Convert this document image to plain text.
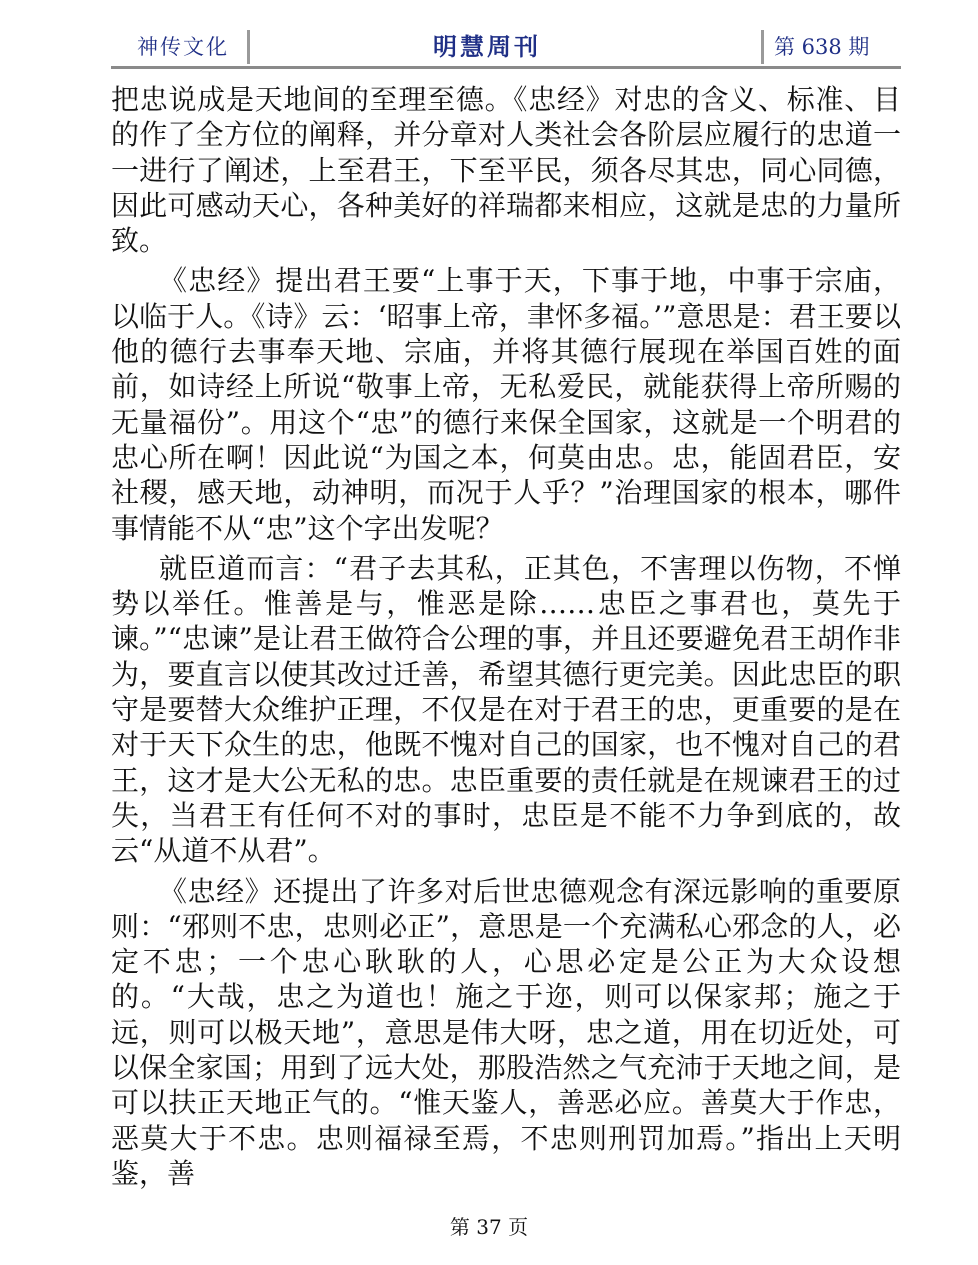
神传文化	明慧周刊	第 638 期

把忠说成是天地间的至理至德。《忠经》对忠的含义、标准、目的作了全方位的阐释，并分章对人类社会各阶层应履行的忠道一一进行了阐述，上至君王，下至平民，须各尽其忠，同心同德，因此可感动天心，各种美好的祥瑞都来相应，这就是忠的力量所致。

《忠经》提出君王要“上事于天，下事于地，中事于宗庙，以临于人。《诗》云：‘昭事上帝，聿怀多福。’”意思是：君王要以他的德行去事奉天地、宗庙，并将其德行展现在举国百姓的面前，如诗经上所说“敬事上帝，无私爱民，就能获得上帝所赐的无量福份”。用这个“忠”的德行来保全国家，这就是一个明君的忠心所在啊！因此说“为国之本，何莫由忠。忠，能固君臣，安社稷，感天地，动神明，而况于人乎？”治理国家的根本，哪件事情能不从“忠”这个字出发呢？

就臣道而言：“君子去其私，正其色，不害理以伤物，不惮势以举任。惟善是与，惟恶是除……忠臣之事君也，莫先于谏。”“忠谏”是让君王做符合公理的事，并且还要避免君王胡作非为，要直言以使其改过迁善，希望其德行更完美。因此忠臣的职守是要替大众维护正理，不仅是在对于君王的忠，更重要的是在对于天下众生的忠，他既不愧对自己的国家，也不愧对自己的君王，这才是大公无私的忠。忠臣重要的责任就是在规谏君王的过失，当君王有任何不对的事时，忠臣是不能不力争到底的，故云“从道不从君”。

《忠经》还提出了许多对后世忠德观念有深远影响的重要原则：“邪则不忠，忠则必正”，意思是一个充满私心邪念的人，必定不忠；一个忠心耿耿的人，心思必定是公正为大众设想的。“大哉，忠之为道也！施之于迩，则可以保家邦；施之于远，则可以极天地”，意思是伟大呀，忠之道，用在切近处，可以保全家国；用到了远大处，那股浩然之气充沛于天地之间，是可以扶正天地正气的。“惟天鉴人，善恶必应。善莫大于作忠，恶莫大于不忠。忠则福禄至焉，不忠则刑罚加焉。”指出上天明鉴，善

第 37 页
